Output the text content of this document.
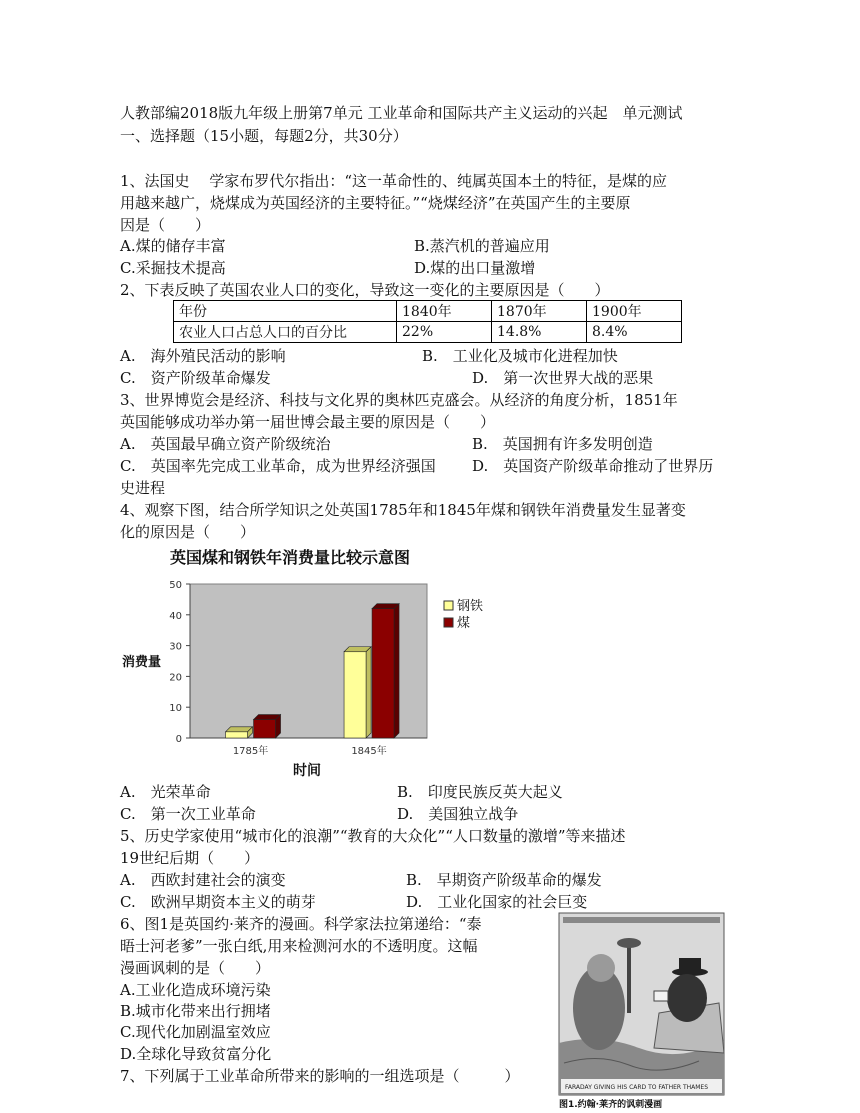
人教部编2018版九年级上册第7单元 工业革命和国际共产主义运动的兴起　单元测试
一、选择题（15小题，每题2分，共30分）
1、法国史　 学家布罗代尔指出：“这一革命性的、纯属英国本土的特征，是煤的应
用越来越广，烧煤成为英国经济的主要特征。”“烧煤经济”在英国产生的主要原
因是（　　）
A.煤的储存丰富	B.蒸汽机的普遍应用
C.采掘技术提高	D.煤的出口量激增
2、下表反映了英国农业人口的变化，导致这一变化的主要原因是（　　）
年份	1840年	1870年	1900年
农业人口占总人口的百分比	22%	14.8%	8.4%
A.　海外殖民活动的影响	B.　工业化及城市化进程加快
C.　资产阶级革命爆发	D.　第一次世界大战的恶果
3、世界博览会是经济、科技与文化界的奥林匹克盛会。从经济的角度分析，1851年
英国能够成功举办第一届世博会最主要的原因是（　　）
A.　英国最早确立资产阶级统治	B.　英国拥有许多发明创造
C.　英国率先完成工业革命，成为世界经济强国 D.　英国资产阶级革命推动了世界历
史进程
4、观察下图，结合所学知识之处英国1785年和1845年煤和钢铁年消费量发生显著变
化的原因是（　　）
英国煤和钢铁年消费量比较示意图
0
10
20
30
40
50
1785年	1845年
消费量
时间
钢铁
煤
A.　光荣革命	B.　印度民族反英大起义
C.　第一次工业革命	D.　美国独立战争
5、历史学家使用“城市化的浪潮”“教育的大众化”“人口数量的激增”等来描述
19世纪后期（　　）
A.　西欧封建社会的演变	B.　早期资产阶级革命的爆发
C.　欧洲早期资本主义的萌芽	D.　工业化国家的社会巨变
6、图1是英国约·莱齐的漫画。科学家法拉第递给：“泰
晤士河老爹”一张白纸,用来检测河水的不透明度。这幅
漫画讽刺的是（　　）
A.工业化造成环境污染
B.城市化带来出行拥堵
C.现代化加剧温室效应
D.全球化导致贫富分化
7、下列属于工业革命所带来的影响的一组选项是（　　　）
FARADAY GIVING HIS CARD TO FATHER THAMES
图1.约翰·莱齐的讽刺漫画
